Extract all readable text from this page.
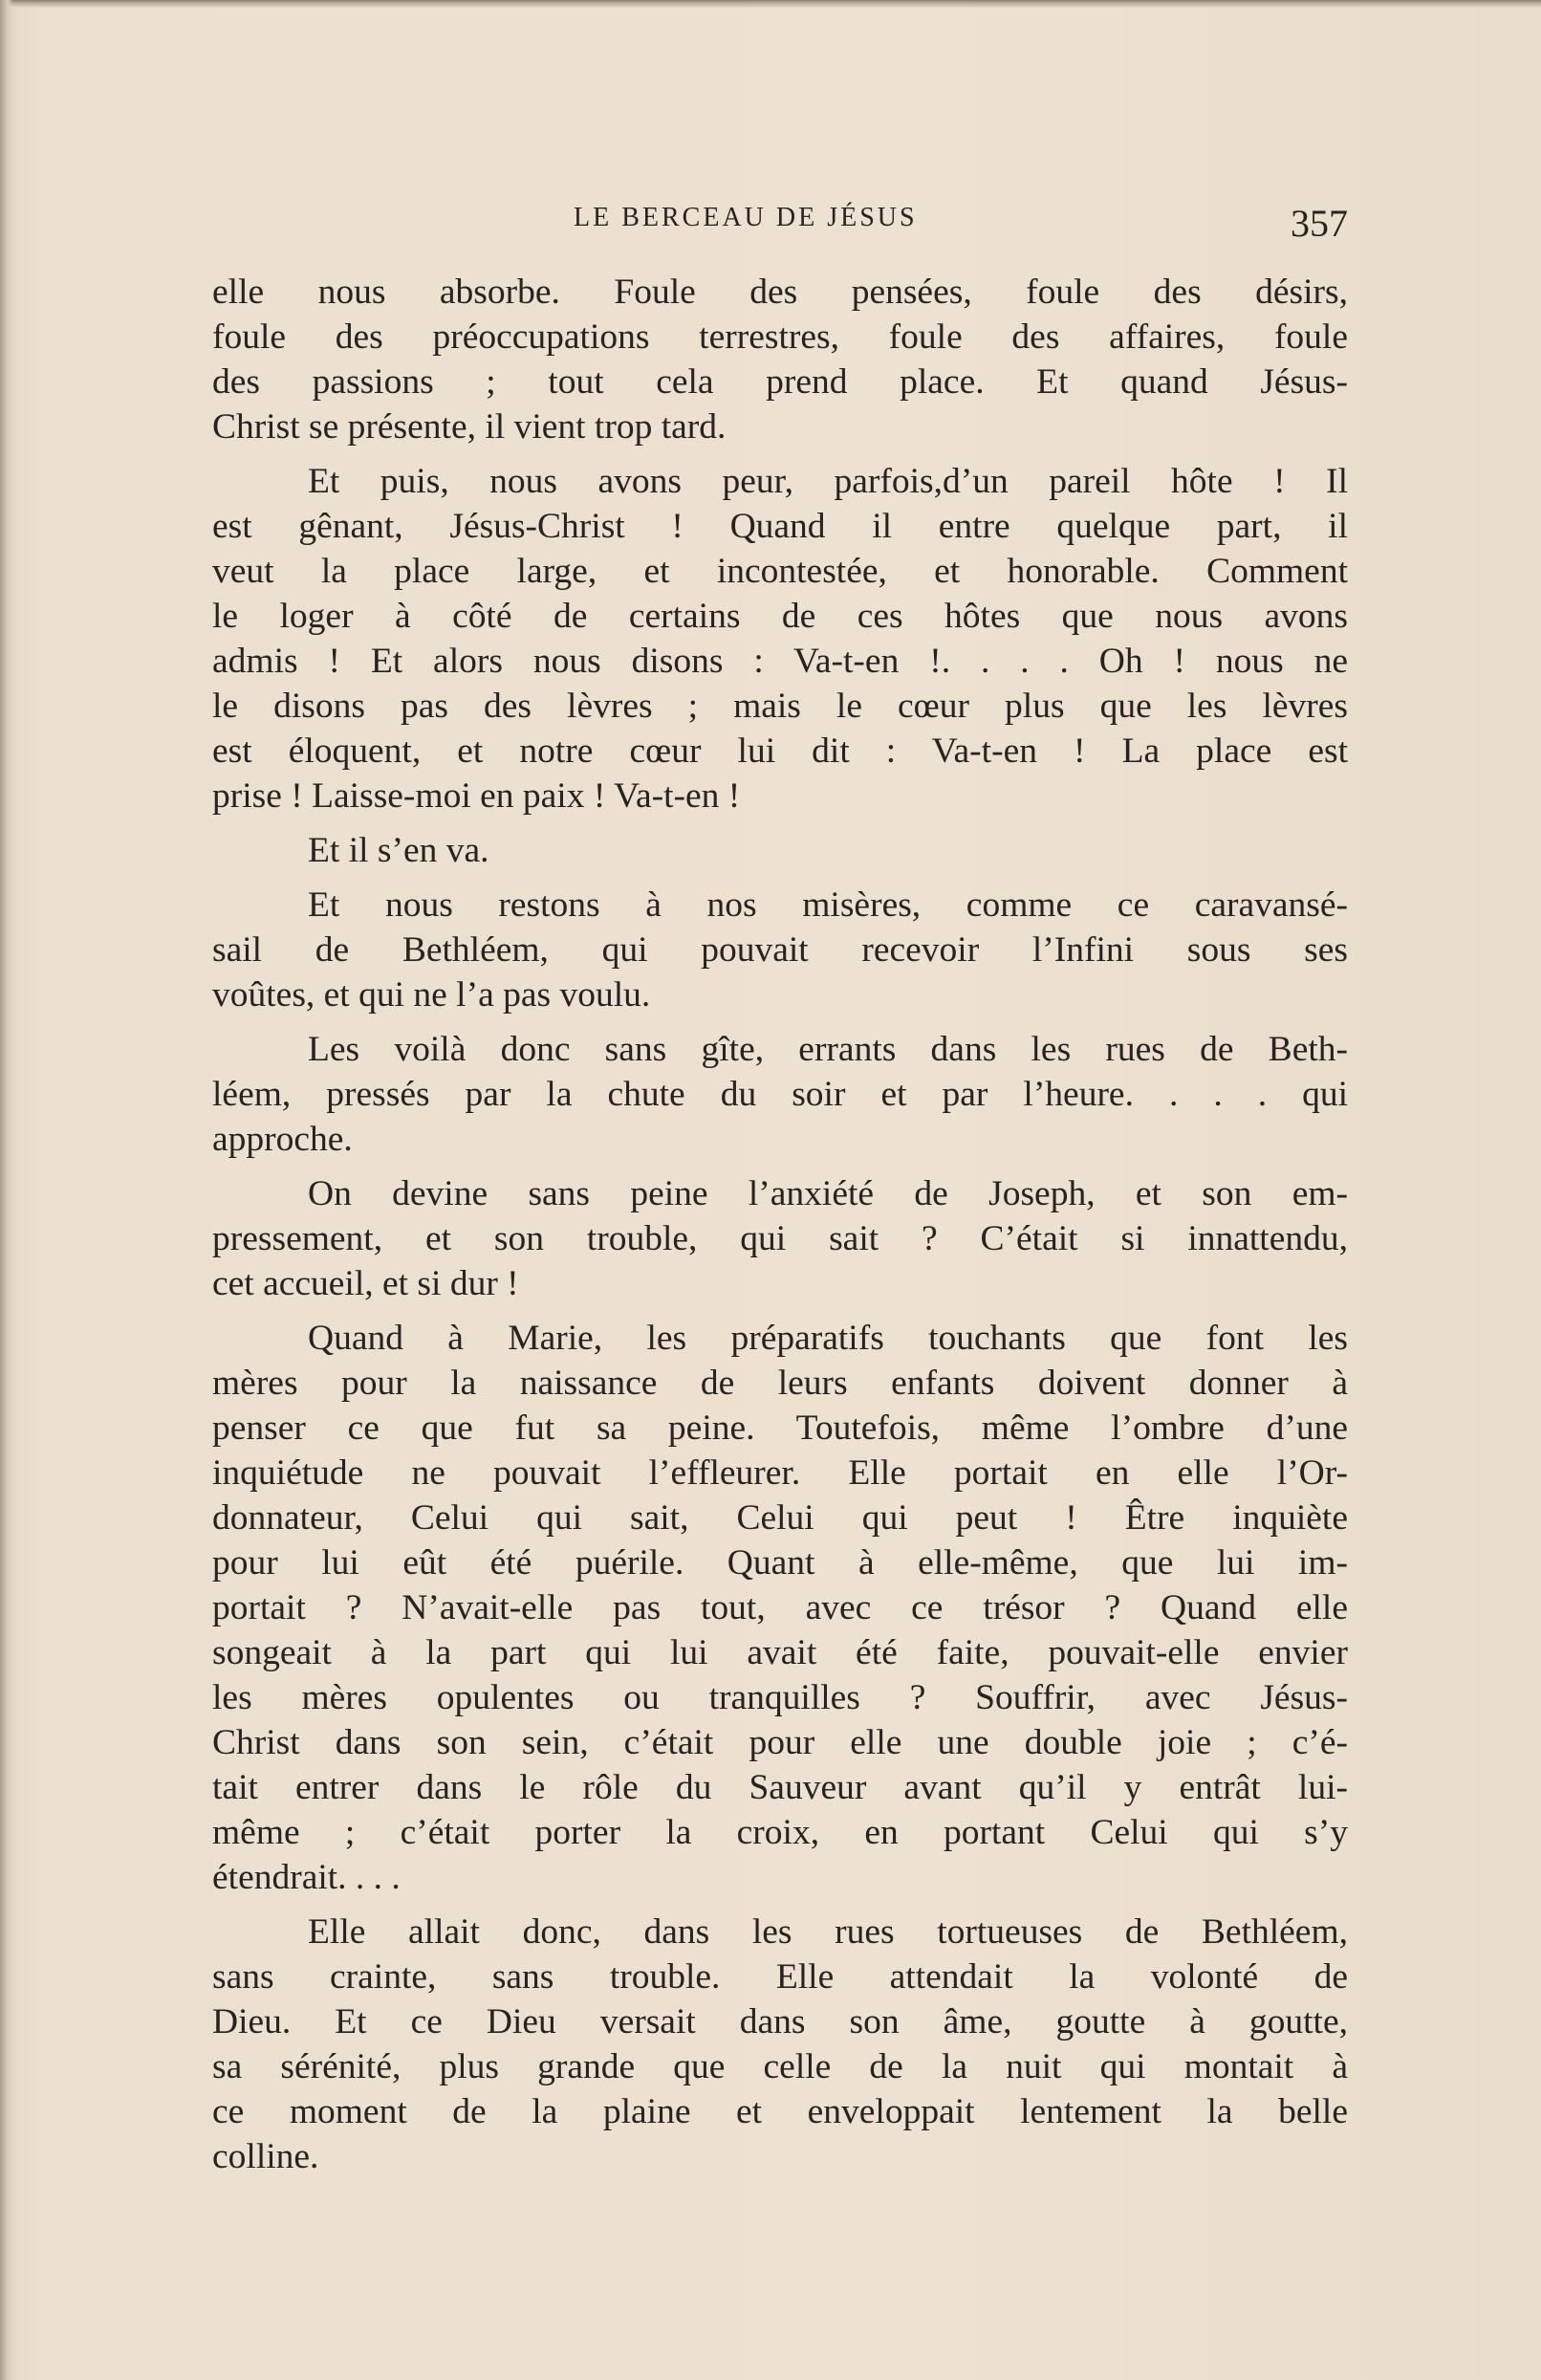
LE BERCEAU DE JÉSUS	357
elle nous absorbe. Foule des pensées, foule des désirs,
foule des préoccupations terrestres, foule des affaires, foule
des passions ; tout cela prend place. Et quand Jésus-
Christ se présente, il vient trop tard.
Et puis, nous avons peur, parfois,d’un pareil hôte ! Il
est gênant, Jésus-Christ ! Quand il entre quelque part, il
veut la place large, et incontestée, et honorable. Comment
le loger à côté de certains de ces hôtes que nous avons
admis ! Et alors nous disons : Va-t-en !. . . . Oh ! nous ne
le disons pas des lèvres ; mais le cœur plus que les lèvres
est éloquent, et notre cœur lui dit : Va-t-en ! La place est
prise ! Laisse-moi en paix ! Va-t-en !
Et il s’en va.
Et nous restons à nos misères, comme ce caravansé-
sail de Bethléem, qui pouvait recevoir l’Infini sous ses
voûtes, et qui ne l’a pas voulu.
Les voilà donc sans gîte, errants dans les rues de Beth-
léem, pressés par la chute du soir et par l’heure. . . . qui
approche.
On devine sans peine l’anxiété de Joseph, et son em-
pressement, et son trouble, qui sait ? C’était si innattendu,
cet accueil, et si dur !
Quand à Marie, les préparatifs touchants que font les
mères pour la naissance de leurs enfants doivent donner à
penser ce que fut sa peine. Toutefois, même l’ombre d’une
inquiétude ne pouvait l’effleurer. Elle portait en elle l’Or-
donnateur, Celui qui sait, Celui qui peut ! Être inquiète
pour lui eût été puérile. Quant à elle-même, que lui im-
portait ? N’avait-elle pas tout, avec ce trésor ? Quand elle
songeait à la part qui lui avait été faite, pouvait-elle envier
les mères opulentes ou tranquilles ? Souffrir, avec Jésus-
Christ dans son sein, c’était pour elle une double joie ; c’é-
tait entrer dans le rôle du Sauveur avant qu’il y entrât lui-
même ; c’était porter la croix, en portant Celui qui s’y
étendrait. . . .
Elle allait donc, dans les rues tortueuses de Bethléem,
sans crainte, sans trouble. Elle attendait la volonté de
Dieu. Et ce Dieu versait dans son âme, goutte à goutte,
sa sérénité, plus grande que celle de la nuit qui montait à
ce moment de la plaine et enveloppait lentement la belle
colline.
